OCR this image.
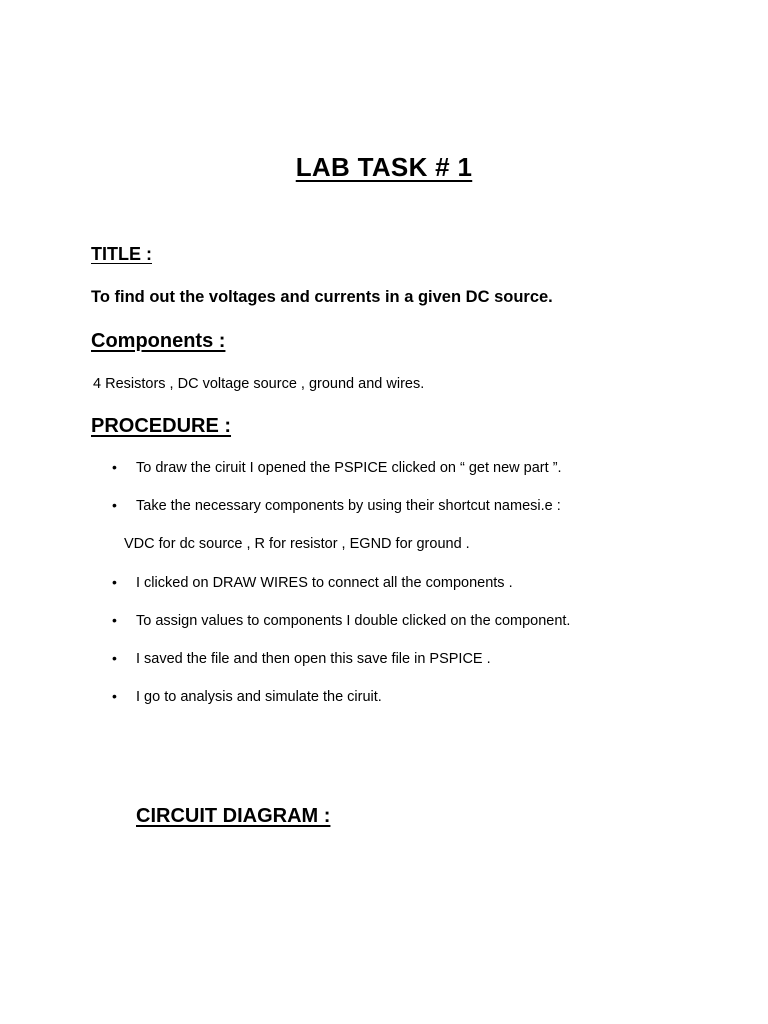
LAB TASK # 1
TITLE :
To find out the voltages and currents in a given DC source.
Components :
4 Resistors , DC voltage source , ground and wires.
PROCEDURE :
• To draw the ciruit I opened the PSPICE clicked on “ get new part ”.
• Take the necessary components by using their shortcut namesi.e :
VDC for dc source , R for resistor , EGND for ground .
• I clicked on DRAW WIRES to connect all the components .
• To assign values to components I double clicked on the component.
• I saved the file and then open this save file in PSPICE .
• I go to analysis and simulate the ciruit.
CIRCUIT DIAGRAM :
